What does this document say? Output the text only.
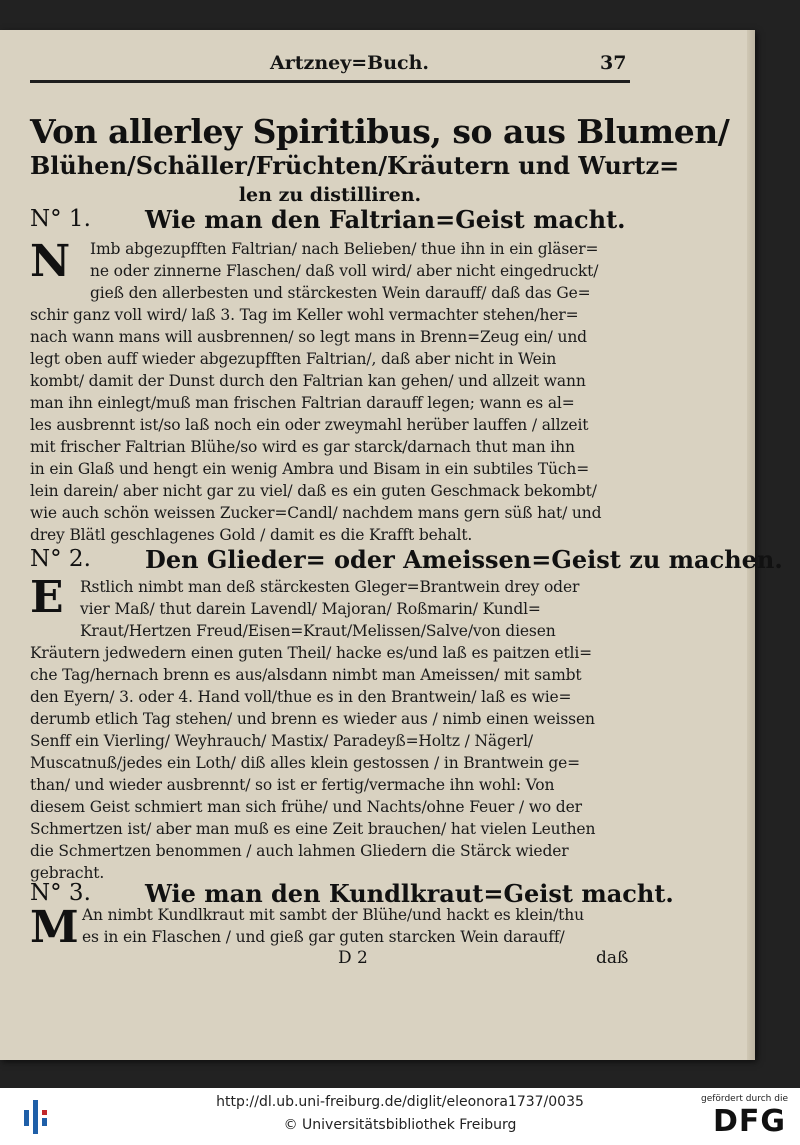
Artzney=Buch.	37
Von allerley Spiritibus, so aus Blumen/
Blühen/Schäller/Früchten/Kräutern und Wurtz=
len zu distilliren.
N° 1. Wie man den Faltrian=Geist macht.
N Imb abgezupfften Faltrian/ nach Belieben/ thue ihn in ein gläser=
ne oder zinnerne Flaschen/ daß voll wird/ aber nicht eingedruckt/
gieß den allerbesten und stärckesten Wein darauff/ daß das Ge=
schir ganz voll wird/ laß 3. Tag im Keller wohl vermachter stehen/her=
nach wann mans will ausbrennen/ so legt mans in Brenn=Zeug ein/ und
legt oben auff wieder abgezupfften Faltrian/, daß aber nicht in Wein
kombt/ damit der Dunst durch den Faltrian kan gehen/ und allzeit wann
man ihn einlegt/muß man frischen Faltrian darauff legen; wann es al=
les ausbrennt ist/so laß noch ein oder zweymahl herüber lauffen / allzeit
mit frischer Faltrian Blühe/so wird es gar starck/darnach thut man ihn
in ein Glaß und hengt ein wenig Ambra und Bisam in ein subtiles Tüch=
lein darein/ aber nicht gar zu viel/ daß es ein guten Geschmack bekombt/
wie auch schön weissen Zucker=Candl/ nachdem mans gern süß hat/ und
drey Blätl geschlagenes Gold / damit es die Krafft behalt.
N° 2. Den Glieder= oder Ameissen=Geist zu machen.
E Rstlich nimbt man deß stärckesten Gleger=Brantwein drey oder
vier Maß/ thut darein Lavendl/ Majoran/ Roßmarin/ Kundl=
Kraut/Hertzen Freud/Eisen=Kraut/Melissen/Salve/von diesen
Kräutern jedwedern einen guten Theil/ hacke es/und laß es paitzen etli=
che Tag/hernach brenn es aus/alsdann nimbt man Ameissen/ mit sambt
den Eyern/ 3. oder 4. Hand voll/thue es in den Brantwein/ laß es wie=
derumb etlich Tag stehen/ und brenn es wieder aus / nimb einen weissen
Senff ein Vierling/ Weyhrauch/ Mastix/ Paradeyß=Holtz / Nägerl/
Muscatnuß/jedes ein Loth/ diß alles klein gestossen / in Brantwein ge=
than/ und wieder ausbrennt/ so ist er fertig/vermache ihn wohl: Von
diesem Geist schmiert man sich frühe/ und Nachts/ohne Feuer / wo der
Schmertzen ist/ aber man muß es eine Zeit brauchen/ hat vielen Leuthen
die Schmertzen benommen / auch lahmen Gliedern die Stärck wieder
gebracht.
N° 3. Wie man den Kundlkraut=Geist macht.
M An nimbt Kundlkraut mit sambt der Blühe/und hackt es klein/thu
es in ein Flaschen / und gieß gar guten starcken Wein darauff/
D 2	daß
http://dl.ub.uni-freiburg.de/diglit/eleonora1737/0035
© Universitätsbibliothek Freiburg
gefördert durch die
DFG
